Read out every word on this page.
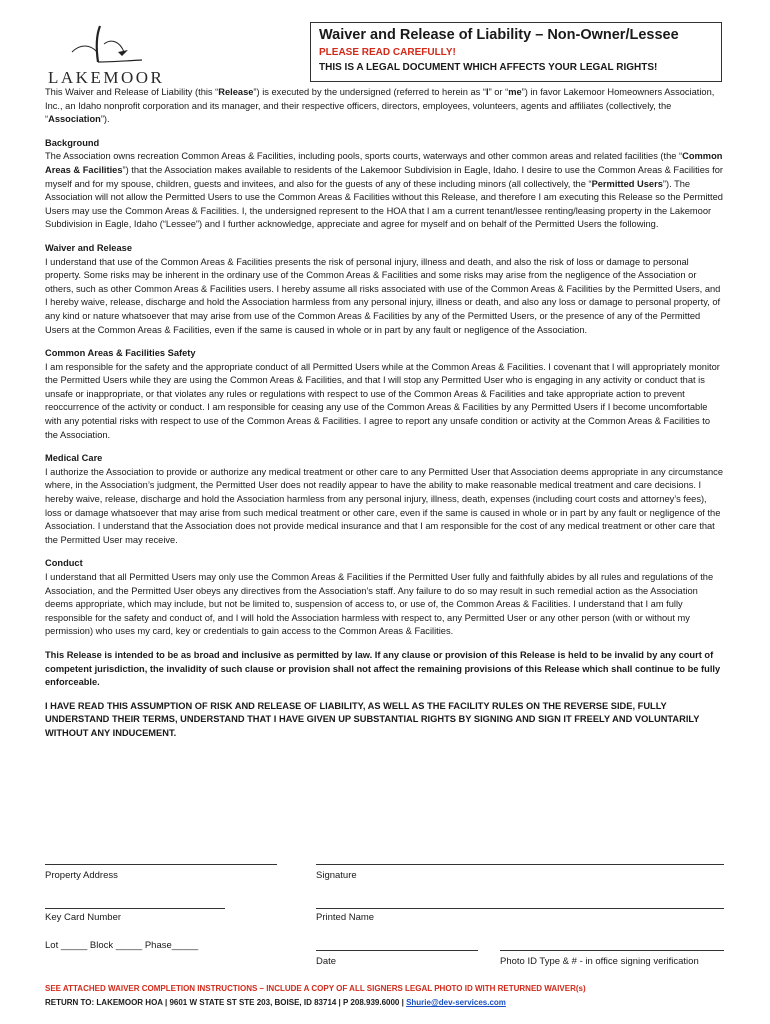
LAKEMOOR

Waiver and Release of Liability – Non-Owner/Lessee

PLEASE READ CAREFULLY!

THIS IS A LEGAL DOCUMENT WHICH AFFECTS YOUR LEGAL RIGHTS!

This Waiver and Release of Liability (this “Release”) is executed by the undersigned (referred to herein as “I” or “me”) in favor Lakemoor Homeowners Association, Inc., an Idaho nonprofit corporation and its manager, and their respective officers, directors, employees, volunteers, agents and affiliates (collectively, the “Association”).

Background

The Association owns recreation Common Areas & Facilities, including pools, sports courts, waterways and other common areas and related facilities (the “Common Areas & Facilities”) that the Association makes available to residents of the Lakemoor Subdivision in Eagle, Idaho. I desire to use the Common Areas & Facilities for myself and for my spouse, children, guests and invitees, and also for the guests of any of these including minors (all collectively, the “Permitted Users”). The Association will not allow the Permitted Users to use the Common Areas & Facilities without this Release, and therefore I am executing this Release so the Permitted Users may use the Common Areas & Facilities. I, the undersigned represent to the HOA that I am a current tenant/lessee renting/leasing property in the Lakemoor Subdivision in Eagle, Idaho (“Lessee”) and I further acknowledge, appreciate and agree for myself and on behalf of the Permitted Users the following.

Waiver and Release

I understand that use of the Common Areas & Facilities presents the risk of personal injury, illness and death, and also the risk of loss or damage to personal property. Some risks may be inherent in the ordinary use of the Common Areas & Facilities and some risks may arise from the negligence of the Association or others, such as other Common Areas & Facilities users. I hereby assume all risks associated with use of the Common Areas & Facilities by the Permitted Users, and I hereby waive, release, discharge and hold the Association harmless from any personal injury, illness or death, and also any loss or damage to personal property, of any kind or nature whatsoever that may arise from use of the Common Areas & Facilities by any of the Permitted Users, or the presence of any of the Permitted Users at the Common Areas & Facilities, even if the same is caused in whole or in part by any fault or negligence of the Association.

Common Areas & Facilities Safety

I am responsible for the safety and the appropriate conduct of all Permitted Users while at the Common Areas & Facilities. I covenant that I will appropriately monitor the Permitted Users while they are using the Common Areas & Facilities, and that I will stop any Permitted User who is engaging in any activity or conduct that is unsafe or inappropriate, or that violates any rules or regulations with respect to use of the Common Areas & Facilities and take appropriate action to prevent reoccurrence of the activity or conduct. I am responsible for ceasing any use of the Common Areas & Facilities by any Permitted Users if I become uncomfortable with any potential risks with respect to use of the Common Areas & Facilities. I agree to report any unsafe condition or activity at the Common Areas & Facilities to the Association.

Medical Care

I authorize the Association to provide or authorize any medical treatment or other care to any Permitted User that Association deems appropriate in any circumstance where, in the Association’s judgment, the Permitted User does not readily appear to have the ability to make reasonable medical treatment and care decisions. I hereby waive, release, discharge and hold the Association harmless from any personal injury, illness, death, expenses (including court costs and attorney’s fees), loss or damage whatsoever that may arise from such medical treatment or other care, even if the same is caused in whole or in part by any fault or negligence of the Association. I understand that the Association does not provide medical insurance and that I am responsible for the cost of any medical treatment or other care that the Permitted User may receive.

Conduct

I understand that all Permitted Users may only use the Common Areas & Facilities if the Permitted User fully and faithfully abides by all rules and regulations of the Association, and the Permitted User obeys any directives from the Association’s staff. Any failure to do so may result in such remedial action as the Association deems appropriate, which may include, but not be limited to, suspension of access to, or use of, the Common Areas & Facilities. I understand that I am fully responsible for the safety and conduct of, and I will hold the Association harmless with respect to, any Permitted User or any other person (with or without my permission) who uses my card, key or credentials to gain access to the Common Areas & Facilities.

This Release is intended to be as broad and inclusive as permitted by law. If any clause or provision of this Release is held to be invalid by any court of competent jurisdiction, the invalidity of such clause or provision shall not affect the remaining provisions of this Release which shall continue to be fully enforceable.

I HAVE READ THIS ASSUMPTION OF RISK AND RELEASE OF LIABILITY, AS WELL AS THE FACILITY RULES ON THE REVERSE SIDE, FULLY UNDERSTAND THEIR TERMS, UNDERSTAND THAT I HAVE GIVEN UP SUBSTANTIAL RIGHTS BY SIGNING AND SIGN IT FREELY AND VOLUNTARILY WITHOUT ANY INDUCEMENT.

Property Address	Signature
Key Card Number	Printed Name
Lot _____ Block _____ Phase_____
Date	Photo ID Type & # - in office signing verification
SEE ATTACHED WAIVER COMPLETION INSTRUCTIONS – INCLUDE A COPY OF ALL SIGNERS LEGAL PHOTO ID WITH RETURNED WAIVER(s)
RETURN TO: LAKEMOOR HOA | 9601 W STATE ST STE 203, BOISE, ID 83714 | P 208.939.6000 | Shurie@dev-services.com
